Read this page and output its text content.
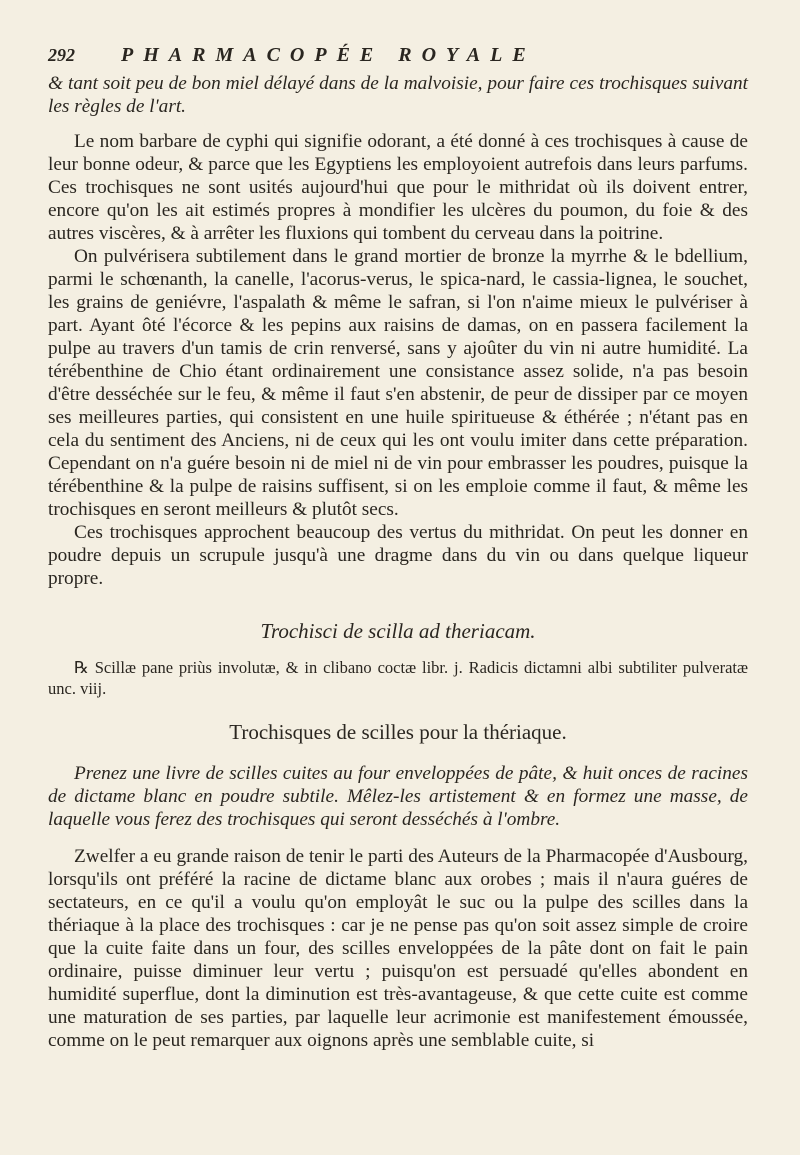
292 PHARMACOPÉE ROYALE

& tant soit peu de bon miel délayé dans de la malvoisie, pour faire ces trochisques suivant les règles de l'art.

Le nom barbare de cyphi qui signifie odorant, a été donné à ces trochisques à cause de leur bonne odeur, & parce que les Egyptiens les employoient autrefois dans leurs parfums. Ces trochisques ne sont usités aujourd'hui que pour le mithridat où ils doivent entrer, encore qu'on les ait estimés propres à mondifier les ulcères du poumon, du foie & des autres viscères, & à arrêter les fluxions qui tombent du cerveau dans la poitrine.

On pulvérisera subtilement dans le grand mortier de bronze la myrrhe & le bdellium, parmi le schœnanth, la canelle, l'acorus-verus, le spica-nard, le cassia-lignea, le souchet, les grains de geniévre, l'aspalath & même le safran, si l'on n'aime mieux le pulvériser à part. Ayant ôté l'écorce & les pepins aux raisins de damas, on en passera facilement la pulpe au travers d'un tamis de crin renversé, sans y ajoûter du vin ni autre humidité. La térébenthine de Chio étant ordinairement une consistance assez solide, n'a pas besoin d'être desséchée sur le feu, & même il faut s'en abstenir, de peur de dissiper par ce moyen ses meilleures parties, qui consistent en une huile spiritueuse & éthérée ; n'étant pas en cela du sentiment des Anciens, ni de ceux qui les ont voulu imiter dans cette préparation. Cependant on n'a guére besoin ni de miel ni de vin pour embrasser les poudres, puisque la térébenthine & la pulpe de raisins suffisent, si on les emploie comme il faut, & même les trochisques en seront meilleurs & plutôt secs.

Ces trochisques approchent beaucoup des vertus du mithridat. On peut les donner en poudre depuis un scrupule jusqu'à une dragme dans du vin ou dans quelque liqueur propre.

Trochisci de scilla ad theriacam.

℞ Scillæ pane priùs involutæ, & in clibano coctæ libr. j. Radicis dictamni albi subtiliter pulveratæ unc. viij.

Trochisques de scilles pour la thériaque.

Prenez une livre de scilles cuites au four enveloppées de pâte, & huit onces de racines de dictame blanc en poudre subtile. Mêlez-les artistement & en formez une masse, de laquelle vous ferez des trochisques qui seront desséchés à l'ombre.

Zwelfer a eu grande raison de tenir le parti des Auteurs de la Pharmacopée d'Ausbourg, lorsqu'ils ont préféré la racine de dictame blanc aux orobes ; mais il n'aura guéres de sectateurs, en ce qu'il a voulu qu'on employât le suc ou la pulpe des scilles dans la thériaque à la place des trochisques : car je ne pense pas qu'on soit assez simple de croire que la cuite faite dans un four, des scilles enveloppées de la pâte dont on fait le pain ordinaire, puisse diminuer leur vertu ; puisqu'on est persuadé qu'elles abondent en humidité superflue, dont la diminution est très-avantageuse, & que cette cuite est comme une maturation de ses parties, par laquelle leur acrimonie est manifestement émoussée, comme on le peut remarquer aux oignons après une semblable cuite, si
